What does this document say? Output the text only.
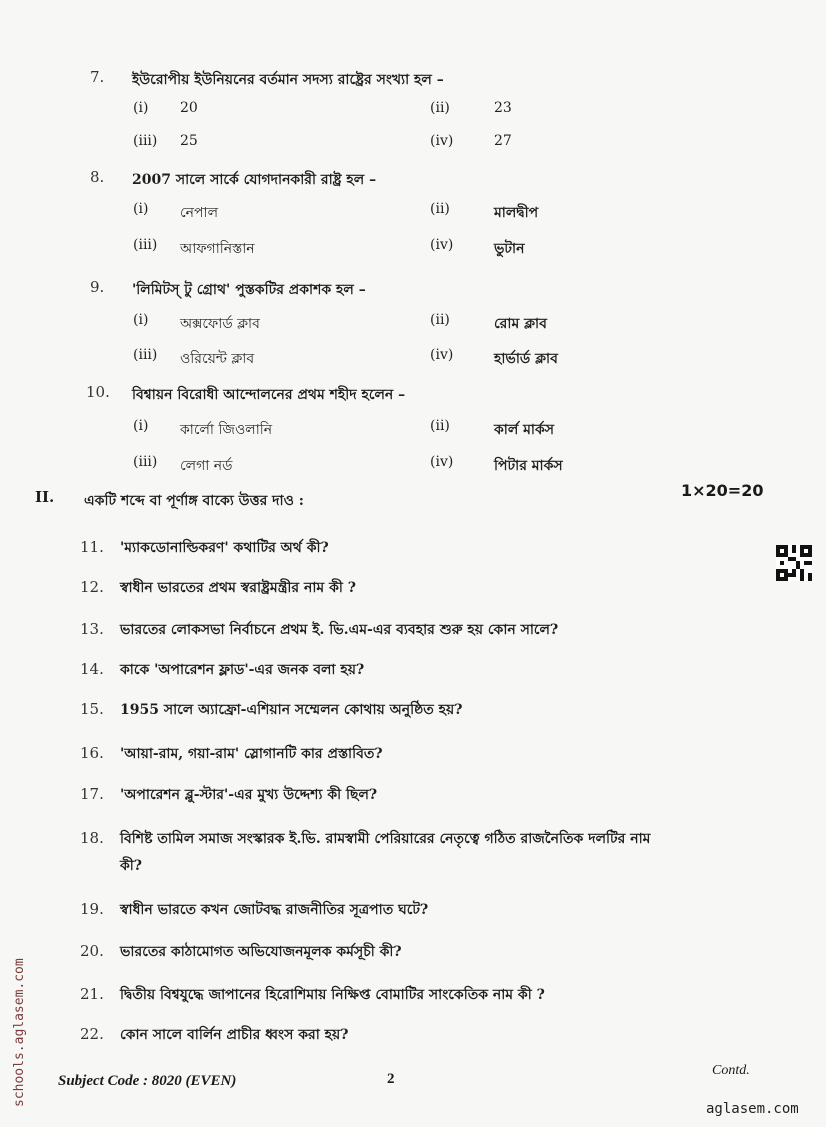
7. ইউরোপীয় ইউনিয়নের বর্তমান সদস্য রাষ্ট্রের সংখ্যা হল –
(i) 20	(ii)	23
(iii) 25	(iv)	27
8. 2007 সালে সার্কে যোগদানকারী রাষ্ট্র হল –
(i) নেপাল	(ii)	মালদ্বীপ
(iii) আফগানিস্তান	(iv)	ভুটান
9. 'লিমিটস্ টু গ্রোথ' পুস্তকটির প্রকাশক হল –
(i) অক্সফোর্ড ক্লাব	(ii)	রোম ক্লাব
(iii) ওরিয়েন্ট ক্লাব	(iv)	হার্ভার্ড ক্লাব
10. বিশ্বায়ন বিরোধী আন্দোলনের প্রথম শহীদ হলেন –
(i) কার্লো জিওলানি	(ii)	কার্ল মার্কস
(iii) লেগা নর্ড	(iv)	পিটার মার্কস
II. একটি শব্দে বা পূর্ণাঙ্গ বাক্যে উত্তর দাও :
1×20=20
11. 'ম্যাকডোনাল্ডিকরণ' কথাটির অর্থ কী?
12. স্বাধীন ভারতের প্রথম স্বরাষ্ট্রমন্ত্রীর নাম কী ?
13. ভারতের লোকসভা নির্বাচনে প্রথম ই. ভি.এম-এর ব্যবহার শুরু হয় কোন সালে?
14. কাকে 'অপারেশন ফ্লাড'-এর জনক বলা হয়?
15. 1955 সালে অ্যাফ্রো-এশিয়ান সম্মেলন কোথায় অনুষ্ঠিত হয়?
16. 'আয়া-রাম, গয়া-রাম' স্লোগানটি কার প্রস্তাবিত?
17. 'অপারেশন ব্লু-স্টার'-এর মুখ্য উদ্দেশ্য কী ছিল?
18. বিশিষ্ট তামিল সমাজ সংস্কারক ই.ভি. রামস্বামী পেরিয়ারের নেতৃত্বে গঠিত রাজনৈতিক দলটির নাম
কী?
19. স্বাধীন ভারতে কখন জোটবদ্ধ রাজনীতির সূত্রপাত ঘটে?
20. ভারতের কাঠামোগত অভিযোজনমূলক কর্মসূচী কী?
21. দ্বিতীয় বিশ্বযুদ্ধে জাপানের হিরোশিমায় নিক্ষিপ্ত বোমাটির সাংকেতিক নাম কী ?
22. কোন সালে বার্লিন প্রাচীর ধ্বংস করা হয়?
Subject Code : 8020 (EVEN)	2
Contd.
aglasem.com
schools.aglasem.com
